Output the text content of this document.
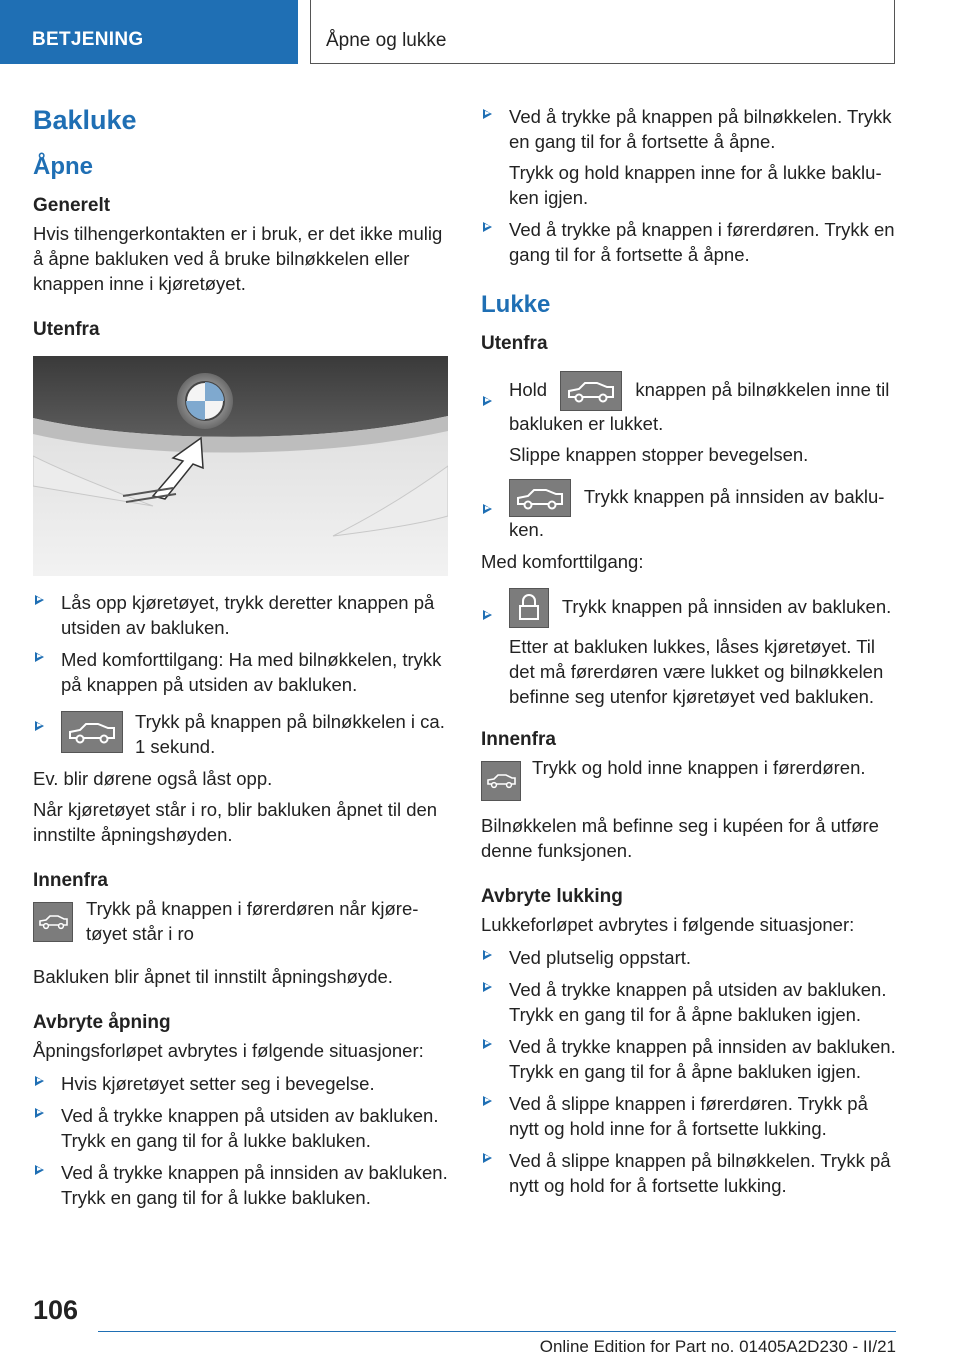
BETJENING	Åpne og lukke
Bakluke
Åpne
Generelt

Hvis tilhengerkontakten er i bruk, er det ikke mulig å åpne bakluken ved å bruke bilnøkkelen eller knappen inne i kjøretøyet.

Utenfra
Lås opp kjøretøyet, trykk deretter knappen på utsiden av bakluken.
Med komforttilgang: Ha med bilnøkkelen, trykk på knappen på utsiden av bakluken.
Trykk på knappen på bilnøkkelen i ca. 1 sekund.

Ev. blir dørene også låst opp.

Når kjøretøyet står i ro, blir bakluken åpnet til den innstilte åpningshøyden.

Innenfra
Trykk på knappen i førerdøren når kjøretøyet står i ro

Bakluken blir åpnet til innstilt åpningshøyde.

Avbryte åpning

Åpningsforløpet avbrytes i følgende situasjoner:

Hvis kjøretøyet setter seg i bevegelse.
Ved å trykke knappen på utsiden av bakluken. Trykk en gang til for å lukke bakluken.
Ved å trykke knappen på innsiden av bakluken. Trykk en gang til for å lukke bakluken.
Ved å trykke på knappen på bilnøkkelen. Trykk en gang til for å fortsette å åpne.
Trykk og hold knappen inne for å lukke bakluken igjen.
Ved å trykke på knappen i førerdøren. Trykk en gang til for å fortsette å åpne.
Lukke
Utenfra
Hold	knappen på bilnøkkelen inne til bakluken er lukket.
Slippe knappen stopper bevegelsen.
Trykk knappen på innsiden av bakluken.

Med komforttilgang:

Trykk knappen på innsiden av bakluken.
Etter at bakluken lukkes, låses kjøretøyet. Til det må førerdøren være lukket og bilnøkkelen befinne seg utenfor kjøretøyet ved bakluken.
Innenfra
Trykk og hold inne knappen i førerdøren.

Bilnøkkelen må befinne seg i kupéen for å utføre denne funksjonen.

Avbryte lukking

Lukkeforløpet avbrytes i følgende situasjoner:

Ved plutselig oppstart.
Ved å trykke knappen på utsiden av bakluken. Trykk en gang til for å åpne bakluken igjen.
Ved å trykke knappen på innsiden av bakluken. Trykk en gang til for å åpne bakluken igjen.
Ved å slippe knappen i førerdøren. Trykk på nytt og hold inne for å fortsette lukking.
Ved å slippe knappen på bilnøkkelen. Trykk på nytt og hold for å fortsette lukking.
106
Online Edition for Part no. 01405A2D230 - II/21
